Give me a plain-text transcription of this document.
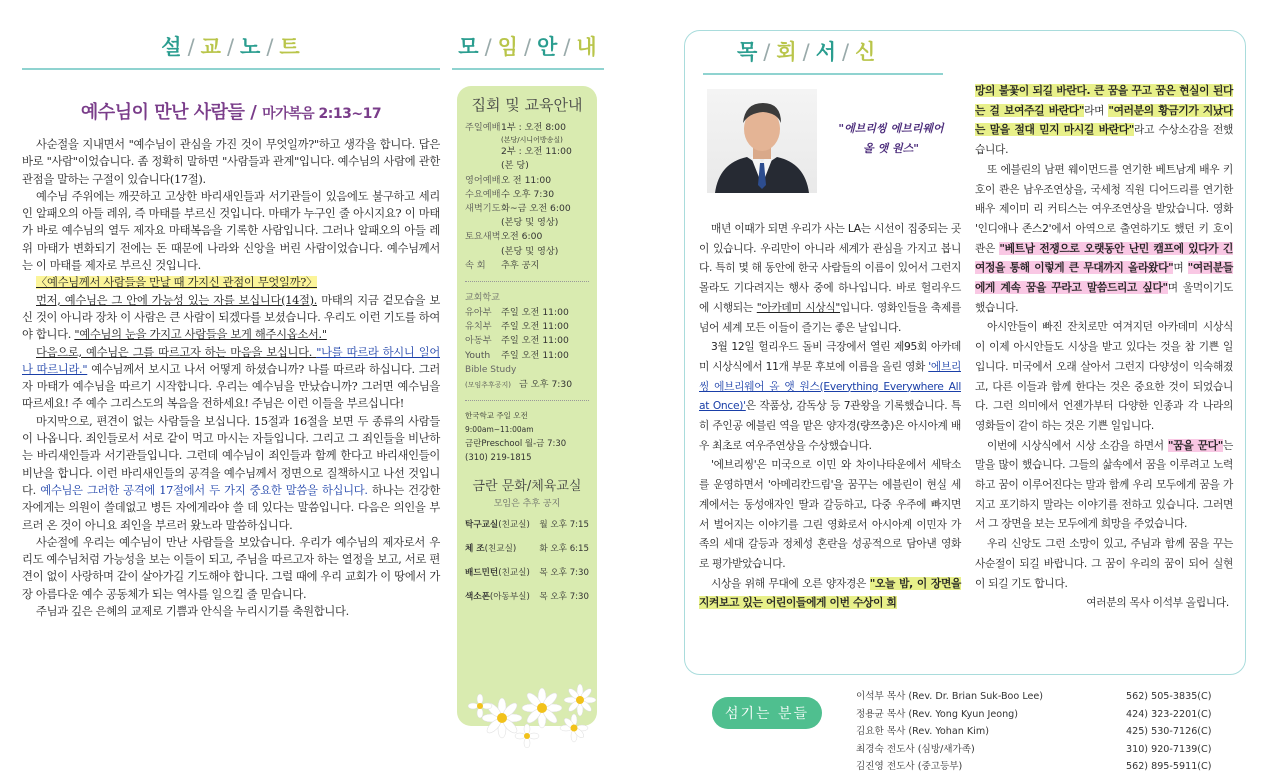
설 / 교 / 노 / 트
예수님이 만난 사람들 / 마가복음 2:13~17

사순절을 지내면서 "예수님이 관심을 가진 것이 무엇일까?"하고 생각을 합니다. 답은 바로 "사람"이었습니다. 좀 정확히 말하면 "사람들과 관계"입니다. 예수님의 사람에 관한 관점을 말하는 구절이 있습니다(17절).

예수님 주위에는 깨끗하고 고상한 바리새인들과 서기관들이 있음에도 불구하고 세리인 알패오의 아들 레위, 즉 마태를 부르신 것입니다. 마태가 누구인 줄 아시지요? 이 마태가 바로 예수님의 열두 제자요 마태복음을 기록한 사람입니다. 그러나 알패오의 아들 레위 마태가 변화되기 전에는 돈 때문에 나라와 신앙을 버린 사람이었습니다. 예수님께서는 이 마태를 제자로 부르신 것입니다.

〈예수님께서 사람들을 만날 때 가지신 관점이 무엇일까?〉

먼저, 예수님은 그 안에 가능성 있는 자를 보십니다(14절). 마태의 지금 겉모습을 보신 것이 아니라 장차 이 사람은 큰 사람이 되겠다를 보셨습니다. 우리도 이런 기도를 하여야 합니다. "예수님의 눈을 가지고 사람들을 보게 해주시옵소서."

다음으로, 예수님은 그를 따르고자 하는 마음을 보십니다. "나를 따르라 하시니 일어나 따르니라." 예수님께서 보시고 나서 어떻게 하셨습니까? 나를 따르라 하십니다. 그러자 마태가 예수님을 따르기 시작합니다. 우리는 예수님을 만났습니까? 그러면 예수님을 따르세요! 주 예수 그리스도의 복음을 전하세요! 주님은 이런 이들을 부르십니다!

마지막으로, 편견이 없는 사람들을 보십니다. 15절과 16절을 보면 두 종류의 사람들이 나옵니다. 죄인들로서 서로 같이 먹고 마시는 자들입니다. 그리고 그 죄인들을 비난하는 바리새인들과 서기관들입니다. 그런데 예수님이 죄인들과 함께 한다고 바리새인들이 비난을 합니다. 이런 바리새인들의 공격을 예수님께서 정면으로 질책하시고 나선 것입니다. 예수님은 그러한 공격에 17절에서 두 가지 중요한 말씀을 하십니다. 하나는 건강한 자에게는 의원이 쓸데없고 병든 자에게라야 쓸 데 있다는 말씀입니다. 다음은 의인을 부르러 온 것이 아니요 죄인을 부르러 왔노라 말씀하십니다.

사순절에 우리는 예수님이 만난 사람들을 보았습니다. 우리가 예수님의 제자로서 우리도 예수님처럼 가능성을 보는 이들이 되고, 주님을 따르고자 하는 열정을 보고, 서로 편견이 없이 사랑하며 같이 살아가길 기도해야 합니다. 그럴 때에 우리 교회가 이 땅에서 가장 아름다운 예수 공동체가 되는 역사를 일으킬 줄 믿습니다.

주님과 깊은 은혜의 교제로 기쁨과 안식을 누리시기를 축원합니다.

모 / 임 / 안 / 내
집회 및 교육안내
주일예배 1부 : 오전 8:00
(본당/시니어방송실)
2부 : 오전 11:00
(본 당)
영어예배 오 전 11:00
수요예배 수 오후 7:30
새벽기도 화~금 오전 6:00
(본당 및 영상)
토요새벽 오전 6:00
(본당 및 영상)
속 회	추후 공지
교회학교
유아부	주일 오전 11:00
유치부	주일 오전 11:00
아동부	주일 오전 11:00
Youth	주일 오전 11:00
Bible Study
(모임추후공지) 금 오후 7:30
한국학교 주일 오전 9:00am~11:00am
금란Preschool 월-금 7:30
(310) 219-1815
금란 문화/체육교실
모임은 추후 공지
탁구교실(친교실) 월 오후 7:15
체 조(친교실)	화 오후 6:15
배드민턴(친교실) 목 오후 7:30
색소폰(아동부실) 목 오후 7:30
목 / 회 / 서 / 신
"에브리씽 에브리웨어
올 앳 원스"

매년 이때가 되면 우리가 사는 LA는 시선이 집중되는 곳이 있습니다. 우리만이 아니라 세계가 관심을 가지고 봅니다. 특히 몇 해 동안에 한국 사람들의 이름이 있어서 그런지 몰라도 기다려지는 행사 중에 하나입니다. 바로 헐리우드에 시행되는 "아카데미 시상식"입니다. 영화인들을 축제를 넘어 세계 모든 이들이 즐기는 좋은 날입니다.

3월 12일 헐리우드 돌비 극장에서 열린 제95회 아카데미 시상식에서 11개 부문 후보에 이름을 올린 영화 '에브리씽 에브리웨어 올 앳 원스(Everything Everywhere All at Once)'은 작품상, 감독상 등 7관왕을 기록했습니다. 특히 주인공 에블린 역을 맡은 양자경(량쯔충)은 아시아계 배우 최초로 여우주연상을 수상했습니다.

'에브리씽'은 미국으로 이민 와 차이나타운에서 세탁소를 운영하면서 '아메리칸드림'을 꿈꾸는 에블린이 현실 세계에서는 동성애자인 딸과 갈등하고, 다중 우주에 빠지면서 벌어지는 이야기를 그린 영화로서 아시아계 이민자 가족의 세대 갈등과 정체성 혼란을 성공적으로 담아낸 영화로 평가받았습니다.

시상을 위해 무대에 오른 양자경은 "오늘 밤, 이 장면을 지켜보고 있는 어린이들에게 이번 수상이 희

망의 불꽃이 되길 바란다. 큰 꿈을 꾸고 꿈은 현실이 된다는 걸 보여주길 바란다"라며 "여러분의 황금기가 지났다는 말을 절대 믿지 마시길 바란다"라고 수상소감을 전했습니다.

또 에블린의 남편 웨이먼드를 연기한 베트남계 배우 키 호이 콴은 남우조연상을, 국세청 직원 디어드리를 연기한 배우 제이미 리 커티스는 여우조연상을 받았습니다. 영화 '인디애나 존스2'에서 아역으로 출연하기도 했던 키 호이 콴은 "베트남 전쟁으로 오랫동안 난민 캠프에 있다가 긴 여정을 통해 이렇게 큰 무대까지 올라왔다"며 "여러분들에게 계속 꿈을 꾸라고 말씀드리고 싶다"며 울먹이기도 했습니다.

아시안들이 빠진 잔치로만 여겨지던 아카데미 시상식이 이제 아시안들도 시상을 받고 있다는 것을 참 기쁜 일입니다. 미국에서 오래 살아서 그런지 다양성이 익숙해졌고, 다른 이들과 함께 한다는 것은 중요한 것이 되었습니다. 그런 의미에서 언젠가부터 다양한 인종과 각 나라의 영화들이 같이 하는 것은 기쁜 일입니다.

이번에 시상식에서 시상 소감을 하면서 "꿈을 꾼다"는 말을 많이 했습니다. 그들의 삶속에서 꿈을 이루려고 노력하고 꿈이 이루어진다는 말과 함께 우리 모두에게 꿈을 가지고 포기하지 말라는 이야기를 전하고 있습니다. 그러면서 그 장면을 보는 모두에게 희망을 주었습니다.

우리 신앙도 그런 소망이 있고, 주님과 함께 꿈을 꾸는 사순절이 되길 바랍니다. 그 꿈이 우리의 꿈이 되어 실현이 되길 기도 합니다.

여러분의 목사 이석부 올립니다.

섬기는 분들
이석부 목사 (Rev. Dr. Brian Suk-Boo Lee)	562) 505-3835(C)
정용균 목사 (Rev. Yong Kyun Jeong)	424) 323-2201(C)
김요한 목사 (Rev. Yohan Kim)	425) 530-7126(C)
최경숙 전도사 (심방/새가족)	310) 920-7139(C)
김진영 전도사 (중고등부)	562) 895-5911(C)
